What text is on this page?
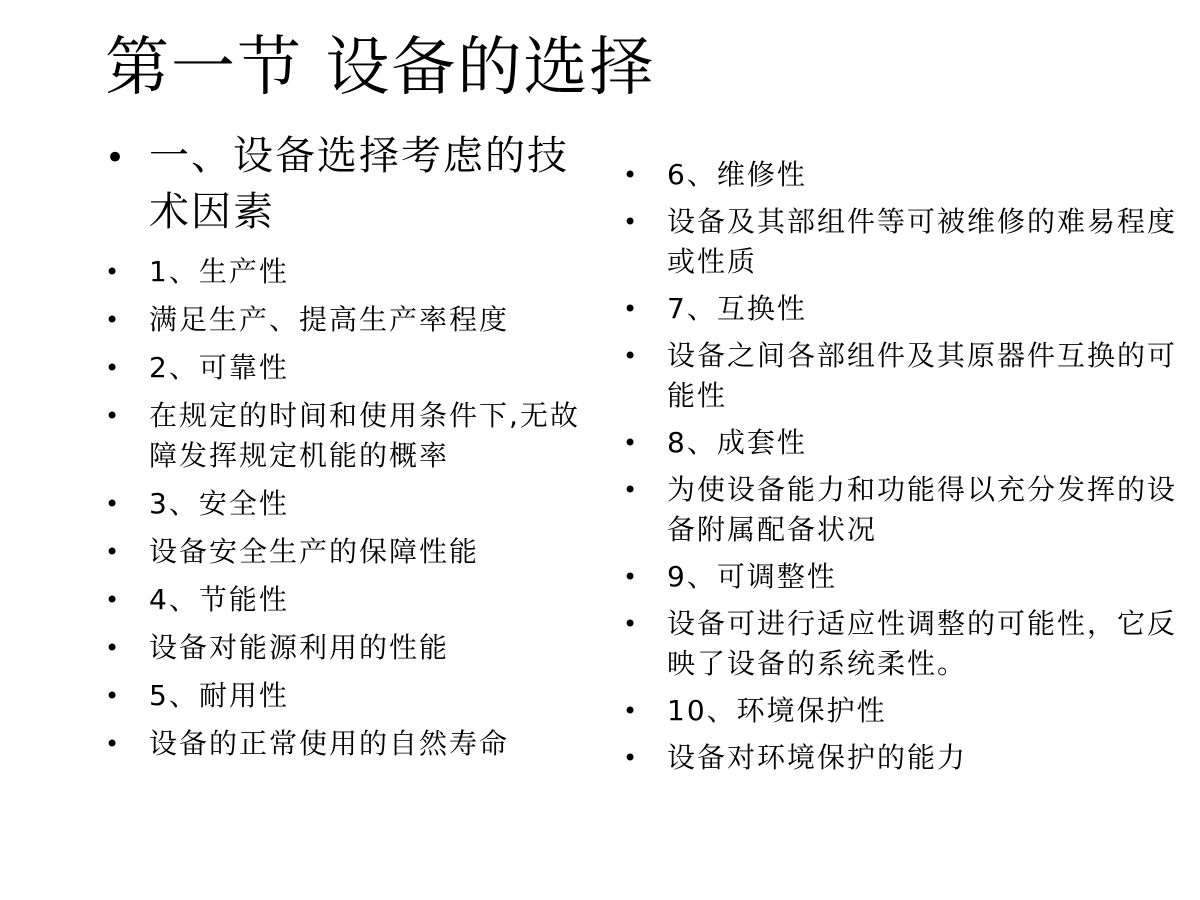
第一节 设备的选择
• 一、设备选择考虑的技术因素
• 1、生产性
• 满足生产、提高生产率程度
• 2、可靠性
• 在规定的时间和使用条件下,无故障发挥规定机能的概率
• 3、安全性
• 设备安全生产的保障性能
• 4、节能性
• 设备对能源利用的性能
• 5、耐用性
• 设备的正常使用的自然寿命
• 6、维修性
• 设备及其部组件等可被维修的难易程度或性质
• 7、互换性
• 设备之间各部组件及其原器件互换的可能性
• 8、成套性
• 为使设备能力和功能得以充分发挥的设备附属配备状况
• 9、可调整性
• 设备可进行适应性调整的可能性，它反映了设备的系统柔性。
• 10、环境保护性
• 设备对环境保护的能力
